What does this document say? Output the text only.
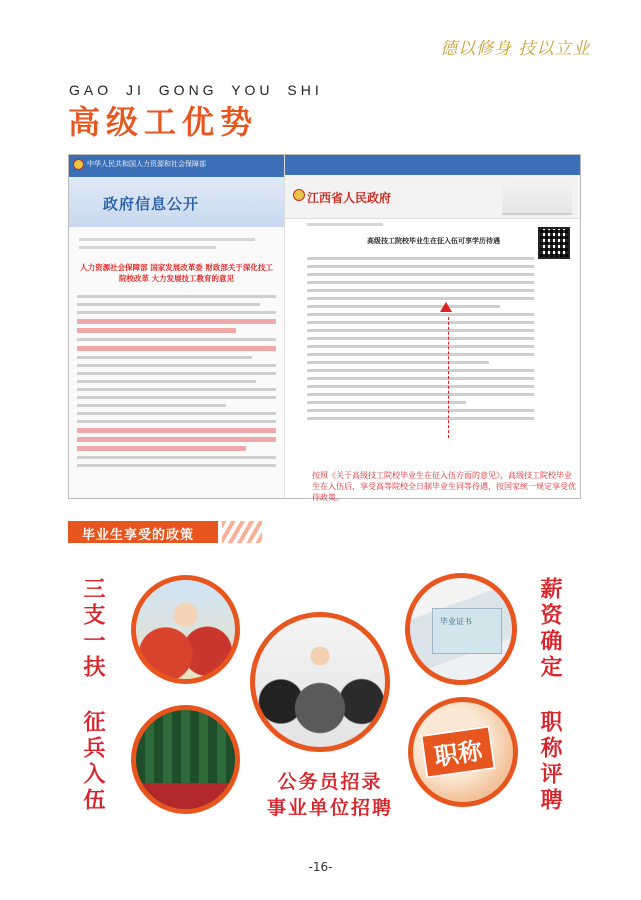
德以修身 技以立业
GAO JI GONG YOU SHI
高级工优势
中华人民共和国人力资源和社会保障部
政府信息公开
人力资源社会保障部 国家发展改革委 财政部关于深化技工院校改革 大力发展技工教育的意见
江西省人民政府
高级技工院校毕业生在征入伍可享学历待遇
按照《关于高级技工院校毕业生在征入伍方面的意见》，高级技工院校毕业生在入伍后，享受高等院校全日制毕业生同等待遇，按国家统一规定享受优待政策。
毕业生享受的政策
三支一扶	薪资确定
征兵入伍	职称评聘
毕业证书
职称
公务员招录
事业单位招聘
-16-
